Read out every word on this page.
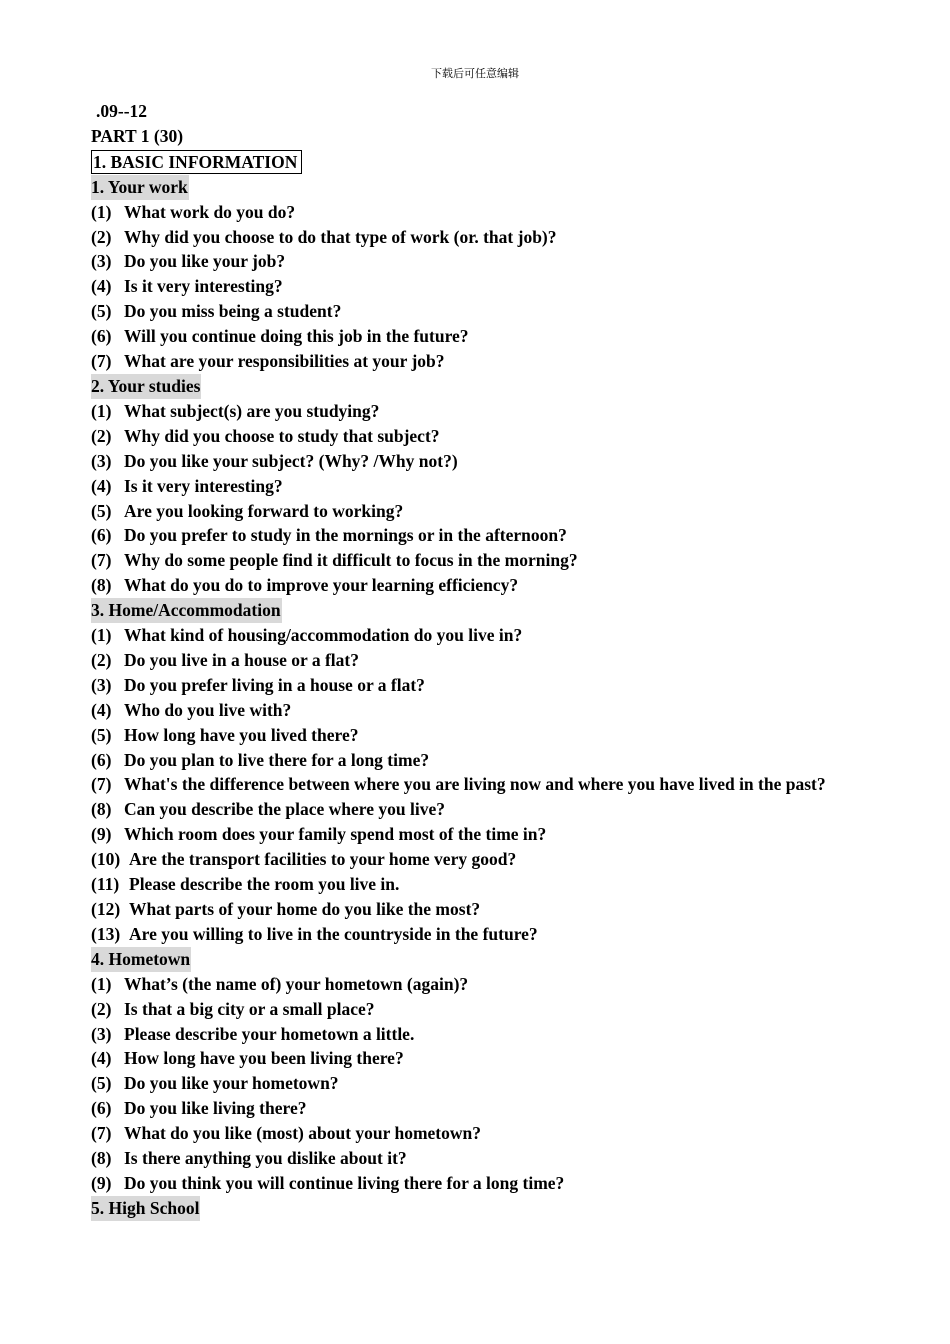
下载后可任意编辑
.09--12
PART 1 (30)
1. BASIC INFORMATION
1. Your work
(1) What work do you do?
(2) Why did you choose to do that type of work (or. that job)?
(3) Do you like your job?
(4) Is it very interesting?
(5) Do you miss being a student?
(6) Will you continue doing this job in the future?
(7) What are your responsibilities at your job?
2. Your studies
(1) What subject(s) are you studying?
(2) Why did you choose to study that subject?
(3) Do you like your subject? (Why? /Why not?)
(4) Is it very interesting?
(5) Are you looking forward to working?
(6) Do you prefer to study in the mornings or in the afternoon?
(7) Why do some people find it difficult to focus in the morning?
(8) What do you do to improve your learning efficiency?
3. Home/Accommodation
(1) What kind of housing/accommodation do you live in?
(2) Do you live in a house or a flat?
(3) Do you prefer living in a house or a flat?
(4) Who do you live with?
(5) How long have you lived there?
(6) Do you plan to live there for a long time?
(7) What's the difference between where you are living now and where you have lived in the past?
(8) Can you describe the place where you live?
(9) Which room does your family spend most of the time in?
(10) Are the transport facilities to your home very good?
(11) Please describe the room you live in.
(12) What parts of your home do you like the most?
(13) Are you willing to live in the countryside in the future?
4. Hometown
(1) What’s (the name of) your hometown (again)?
(2) Is that a big city or a small place?
(3) Please describe your hometown a little.
(4) How long have you been living there?
(5) Do you like your hometown?
(6) Do you like living there?
(7) What do you like (most) about your hometown?
(8) Is there anything you dislike about it?
(9) Do you think you will continue living there for a long time?
5. High School
